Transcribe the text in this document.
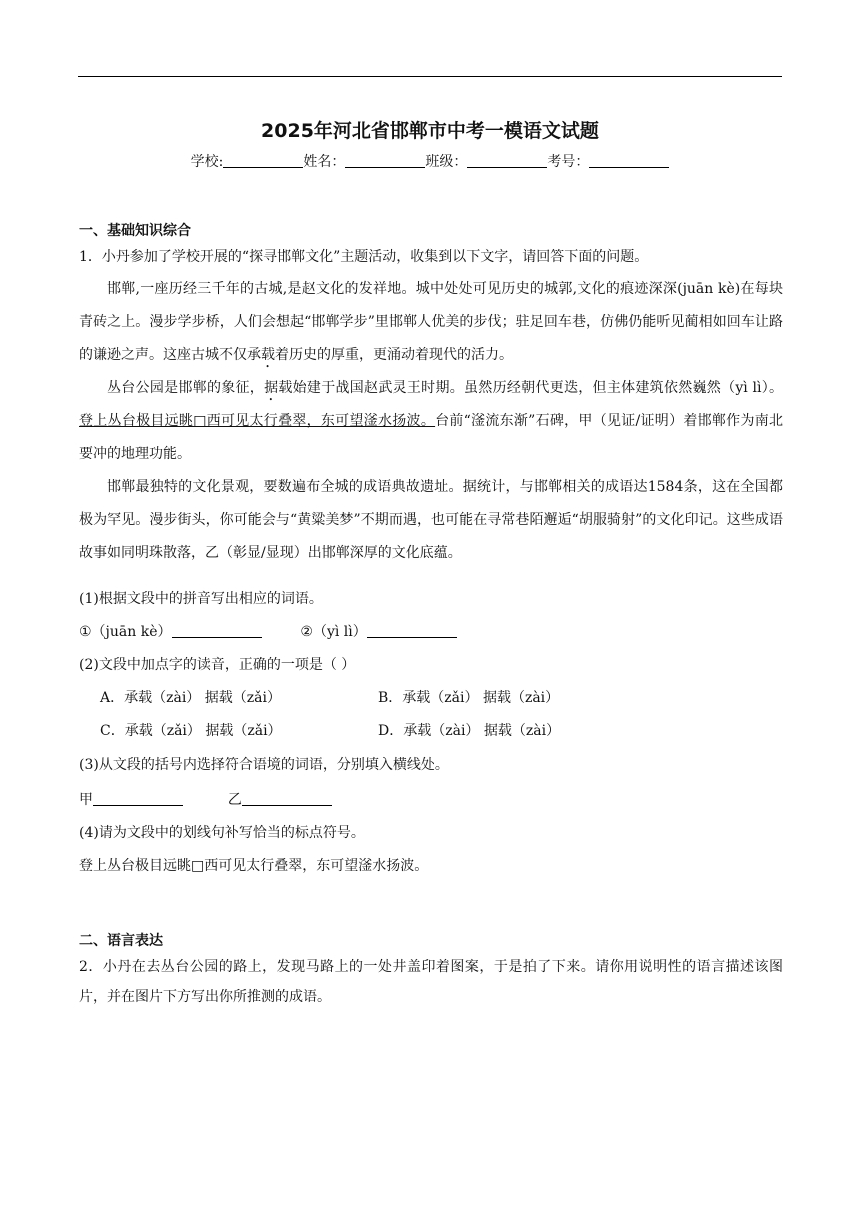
2025年河北省邯郸市中考一模语文试题
学校:	姓名：	班级：	考号：
一、基础知识综合
1．小丹参加了学校开展的“探寻邯郸文化”主题活动，收集到以下文字，请回答下面的问题。

邯郸,一座历经三千年的古城,是赵文化的发祥地。城中处处可见历史的城郭,文化的痕迹深深(juān kè)在每块青砖之上。漫步学步桥，人们会想起“邯郸学步”里邯郸人优美的步伐；驻足回车巷，仿佛仍能听见蔺相如回车让路的谦逊之声。这座古城不仅承载着历史的厚重，更涌动着现代的活力。

丛台公园是邯郸的象征，据载始建于战国赵武灵王时期。虽然历经朝代更迭，但主体建筑依然巍然（yì lì）。登上丛台极目远眺□西可见太行叠翠，东可望滏水扬波。台前“滏流东渐”石碑，甲（见证/证明）着邯郸作为南北要冲的地理功能。

邯郸最独特的文化景观，要数遍布全城的成语典故遗址。据统计，与邯郸相关的成语达1584条，这在全国都极为罕见。漫步街头，你可能会与“黄粱美梦”不期而遇，也可能在寻常巷陌邂逅“胡服骑射”的文化印记。这些成语故事如同明珠散落，乙（彰显/显现）出邯郸深厚的文化底蕴。

(1)根据文段中的拼音写出相应的词语。
①（juān kè）	②（yì lì）
(2)文段中加点字的读音，正确的一项是（ ）
A．承载（zài） 据载（zǎi）	B．承载（zǎi） 据载（zài）
C．承载（zǎi） 据载（zǎi）	D．承载（zài） 据载（zài）
(3)从文段的括号内选择符合语境的词语，分别填入横线处。
甲	乙
(4)请为文段中的划线句补写恰当的标点符号。
登上丛台极目远眺□西可见太行叠翠，东可望滏水扬波。
二、语言表达

2．小丹在去丛台公园的路上，发现马路上的一处井盖印着图案，于是拍了下来。请你用说明性的语言描述该图片，并在图片下方写出你所推测的成语。
